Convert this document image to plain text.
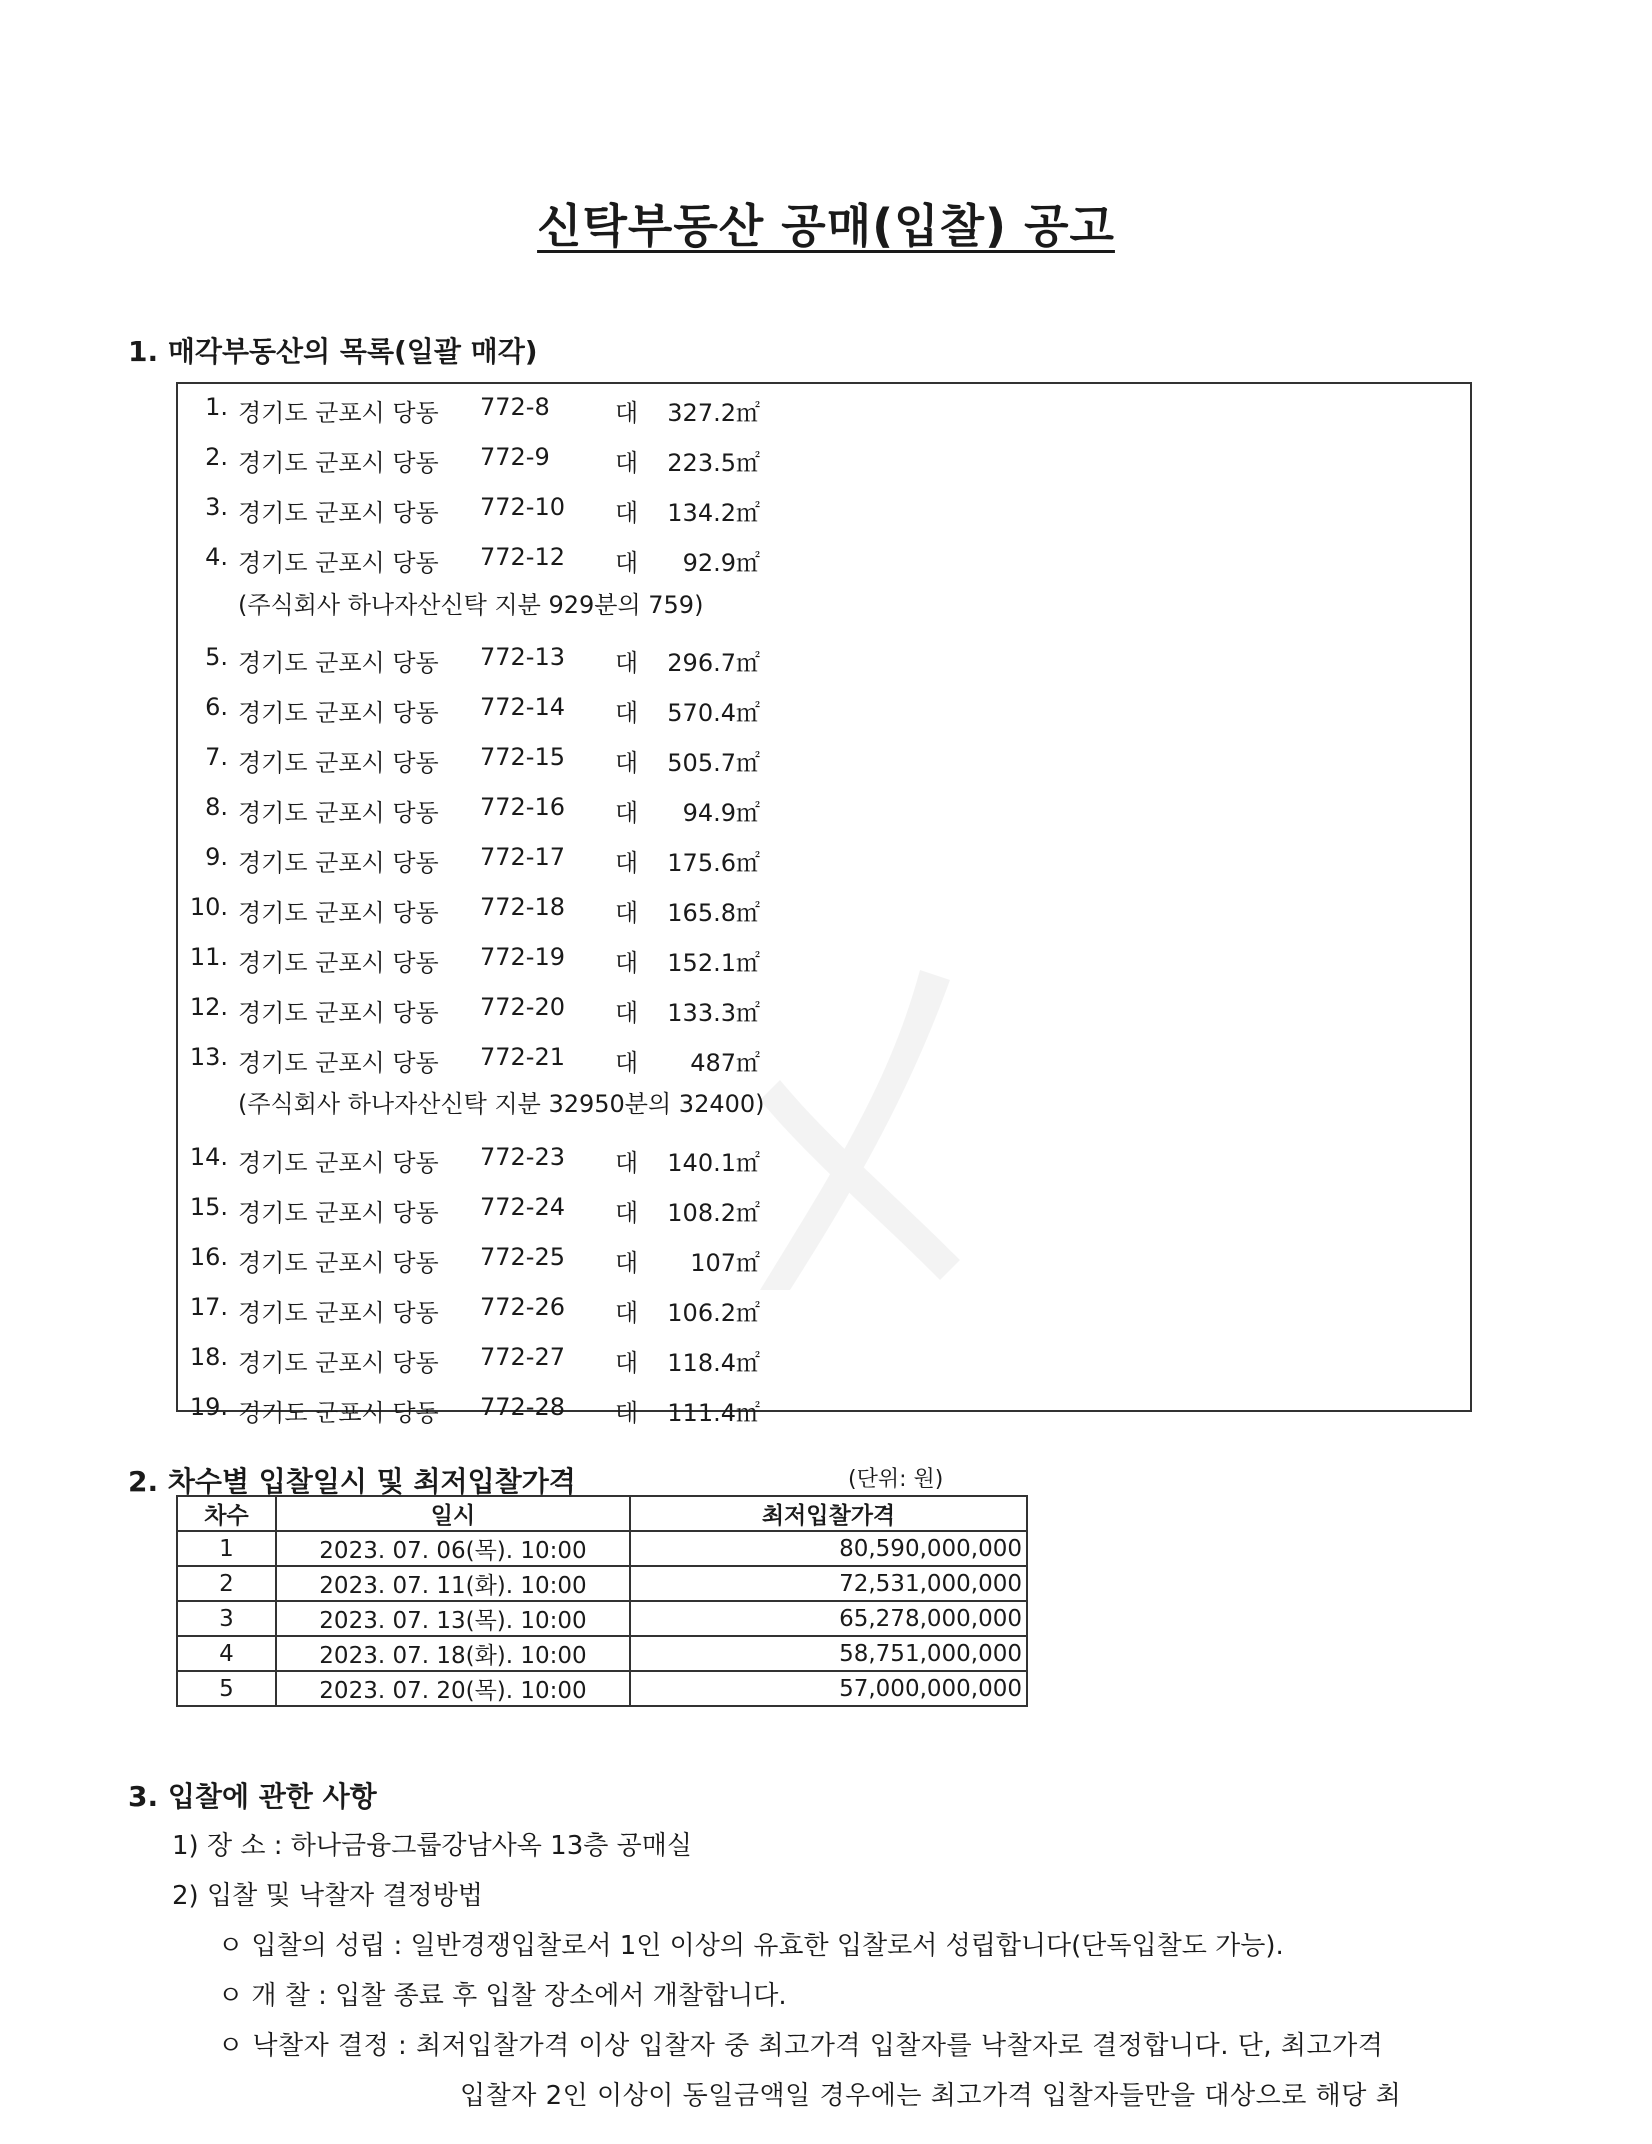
신탁부동산 공매(입찰) 공고
1. 매각부동산의 목록(일괄 매각)
1. 경기도 군포시 당동 772-8	대	327.2㎡
2. 경기도 군포시 당동 772-9	대	223.5㎡
3. 경기도 군포시 당동 772-10 대	134.2㎡
4. 경기도 군포시 당동 772-12 대	92.9㎡
5. 경기도 군포시 당동 772-13 대	296.7㎡
6. 경기도 군포시 당동 772-14 대	570.4㎡
7. 경기도 군포시 당동 772-15 대	505.7㎡
8. 경기도 군포시 당동 772-16 대	94.9㎡
9. 경기도 군포시 당동 772-17 대	175.6㎡
10. 경기도 군포시 당동 772-18 대	165.8㎡
11. 경기도 군포시 당동 772-19 대	152.1㎡
12. 경기도 군포시 당동 772-20 대	133.3㎡
13. 경기도 군포시 당동 772-21 대	487㎡
14. 경기도 군포시 당동 772-23 대	140.1㎡
15. 경기도 군포시 당동 772-24 대	108.2㎡
16. 경기도 군포시 당동 772-25 대	107㎡
17. 경기도 군포시 당동 772-26 대	106.2㎡
18. 경기도 군포시 당동 772-27 대	118.4㎡
19. 경기도 군포시 당동 772-28 대	111.4㎡
(주식회사 하나자산신탁 지분 929분의 759)
(주식회사 하나자산신탁 지분 32950분의 32400)
2. 차수별 입찰일시 및 최저입찰가격	(단위: 원)
차수	일시	최저입찰가격
1	2023. 07. 06(목). 10:00	80,590,000,000
2	2023. 07. 11(화). 10:00	72,531,000,000
3	2023. 07. 13(목). 10:00	65,278,000,000
4	2023. 07. 18(화). 10:00	58,751,000,000
5	2023. 07. 20(목). 10:00	57,000,000,000
3. 입찰에 관한 사항
1) 장 소 : 하나금융그룹강남사옥 13층 공매실
2) 입찰 및 낙찰자 결정방법
ㅇ 입찰의 성립 : 일반경쟁입찰로서 1인 이상의 유효한 입찰로서 성립합니다(단독입찰도 가능).
ㅇ 개 찰 : 입찰 종료 후 입찰 장소에서 개찰합니다.
ㅇ 낙찰자 결정 : 최저입찰가격 이상 입찰자 중 최고가격 입찰자를 낙찰자로 결정합니다. 단, 최고가격
입찰자 2인 이상이 동일금액일 경우에는 최고가격 입찰자들만을 대상으로 해당 최
